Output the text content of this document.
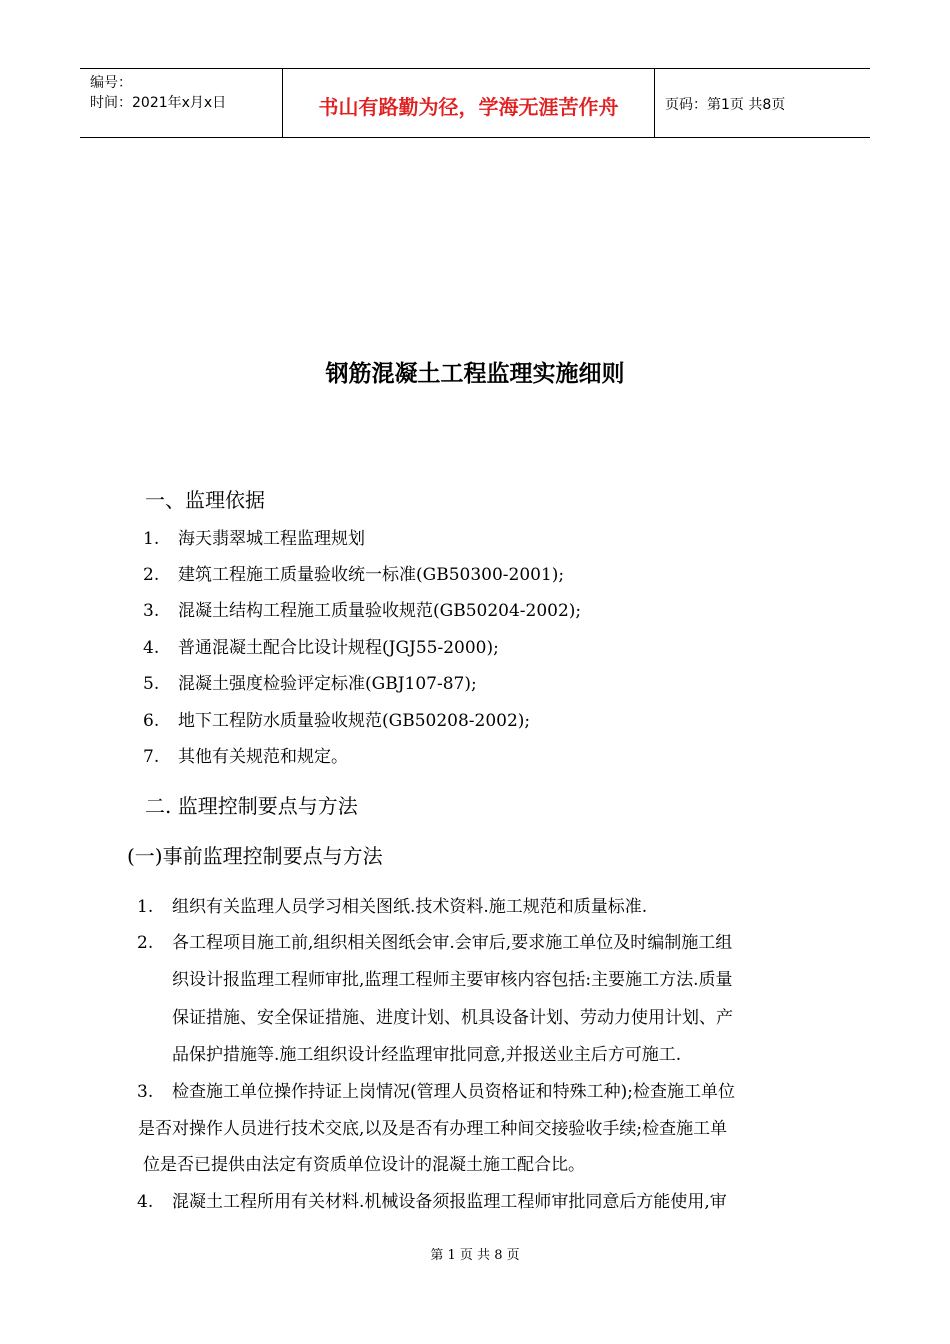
编号：
时间：2021年x月x日	书山有路勤为径，学海无涯苦作舟	页码：第1页 共8页
钢筋混凝土工程监理实施细则
一、监理依据
1. 海天翡翠城工程监理规划
2. 建筑工程施工质量验收统一标准(GB50300-2001);
3. 混凝土结构工程施工质量验收规范(GB50204-2002);
4. 普通混凝土配合比设计规程(JGJ55-2000);
5. 混凝土强度检验评定标准(GBJ107-87);
6. 地下工程防水质量验收规范(GB50208-2002);
7. 其他有关规范和规定。
二. 监理控制要点与方法
(一)事前监理控制要点与方法
1. 组织有关监理人员学习相关图纸.技术资料.施工规范和质量标准.
2. 各工程项目施工前,组织相关图纸会审.会审后,要求施工单位及时编制施工组
织设计报监理工程师审批,监理工程师主要审核内容包括:主要施工方法.质量
保证措施、安全保证措施、进度计划、机具设备计划、劳动力使用计划、产
品保护措施等.施工组织设计经监理审批同意,并报送业主后方可施工.
3. 检查施工单位操作持证上岗情况(管理人员资格证和特殊工种);检查施工单位
是否对操作人员进行技术交底,以及是否有办理工种间交接验收手续;检查施工单
位是否已提供由法定有资质单位设计的混凝土施工配合比。
4. 混凝土工程所用有关材料.机械设备须报监理工程师审批同意后方能使用,审
第 1 页 共 8 页
